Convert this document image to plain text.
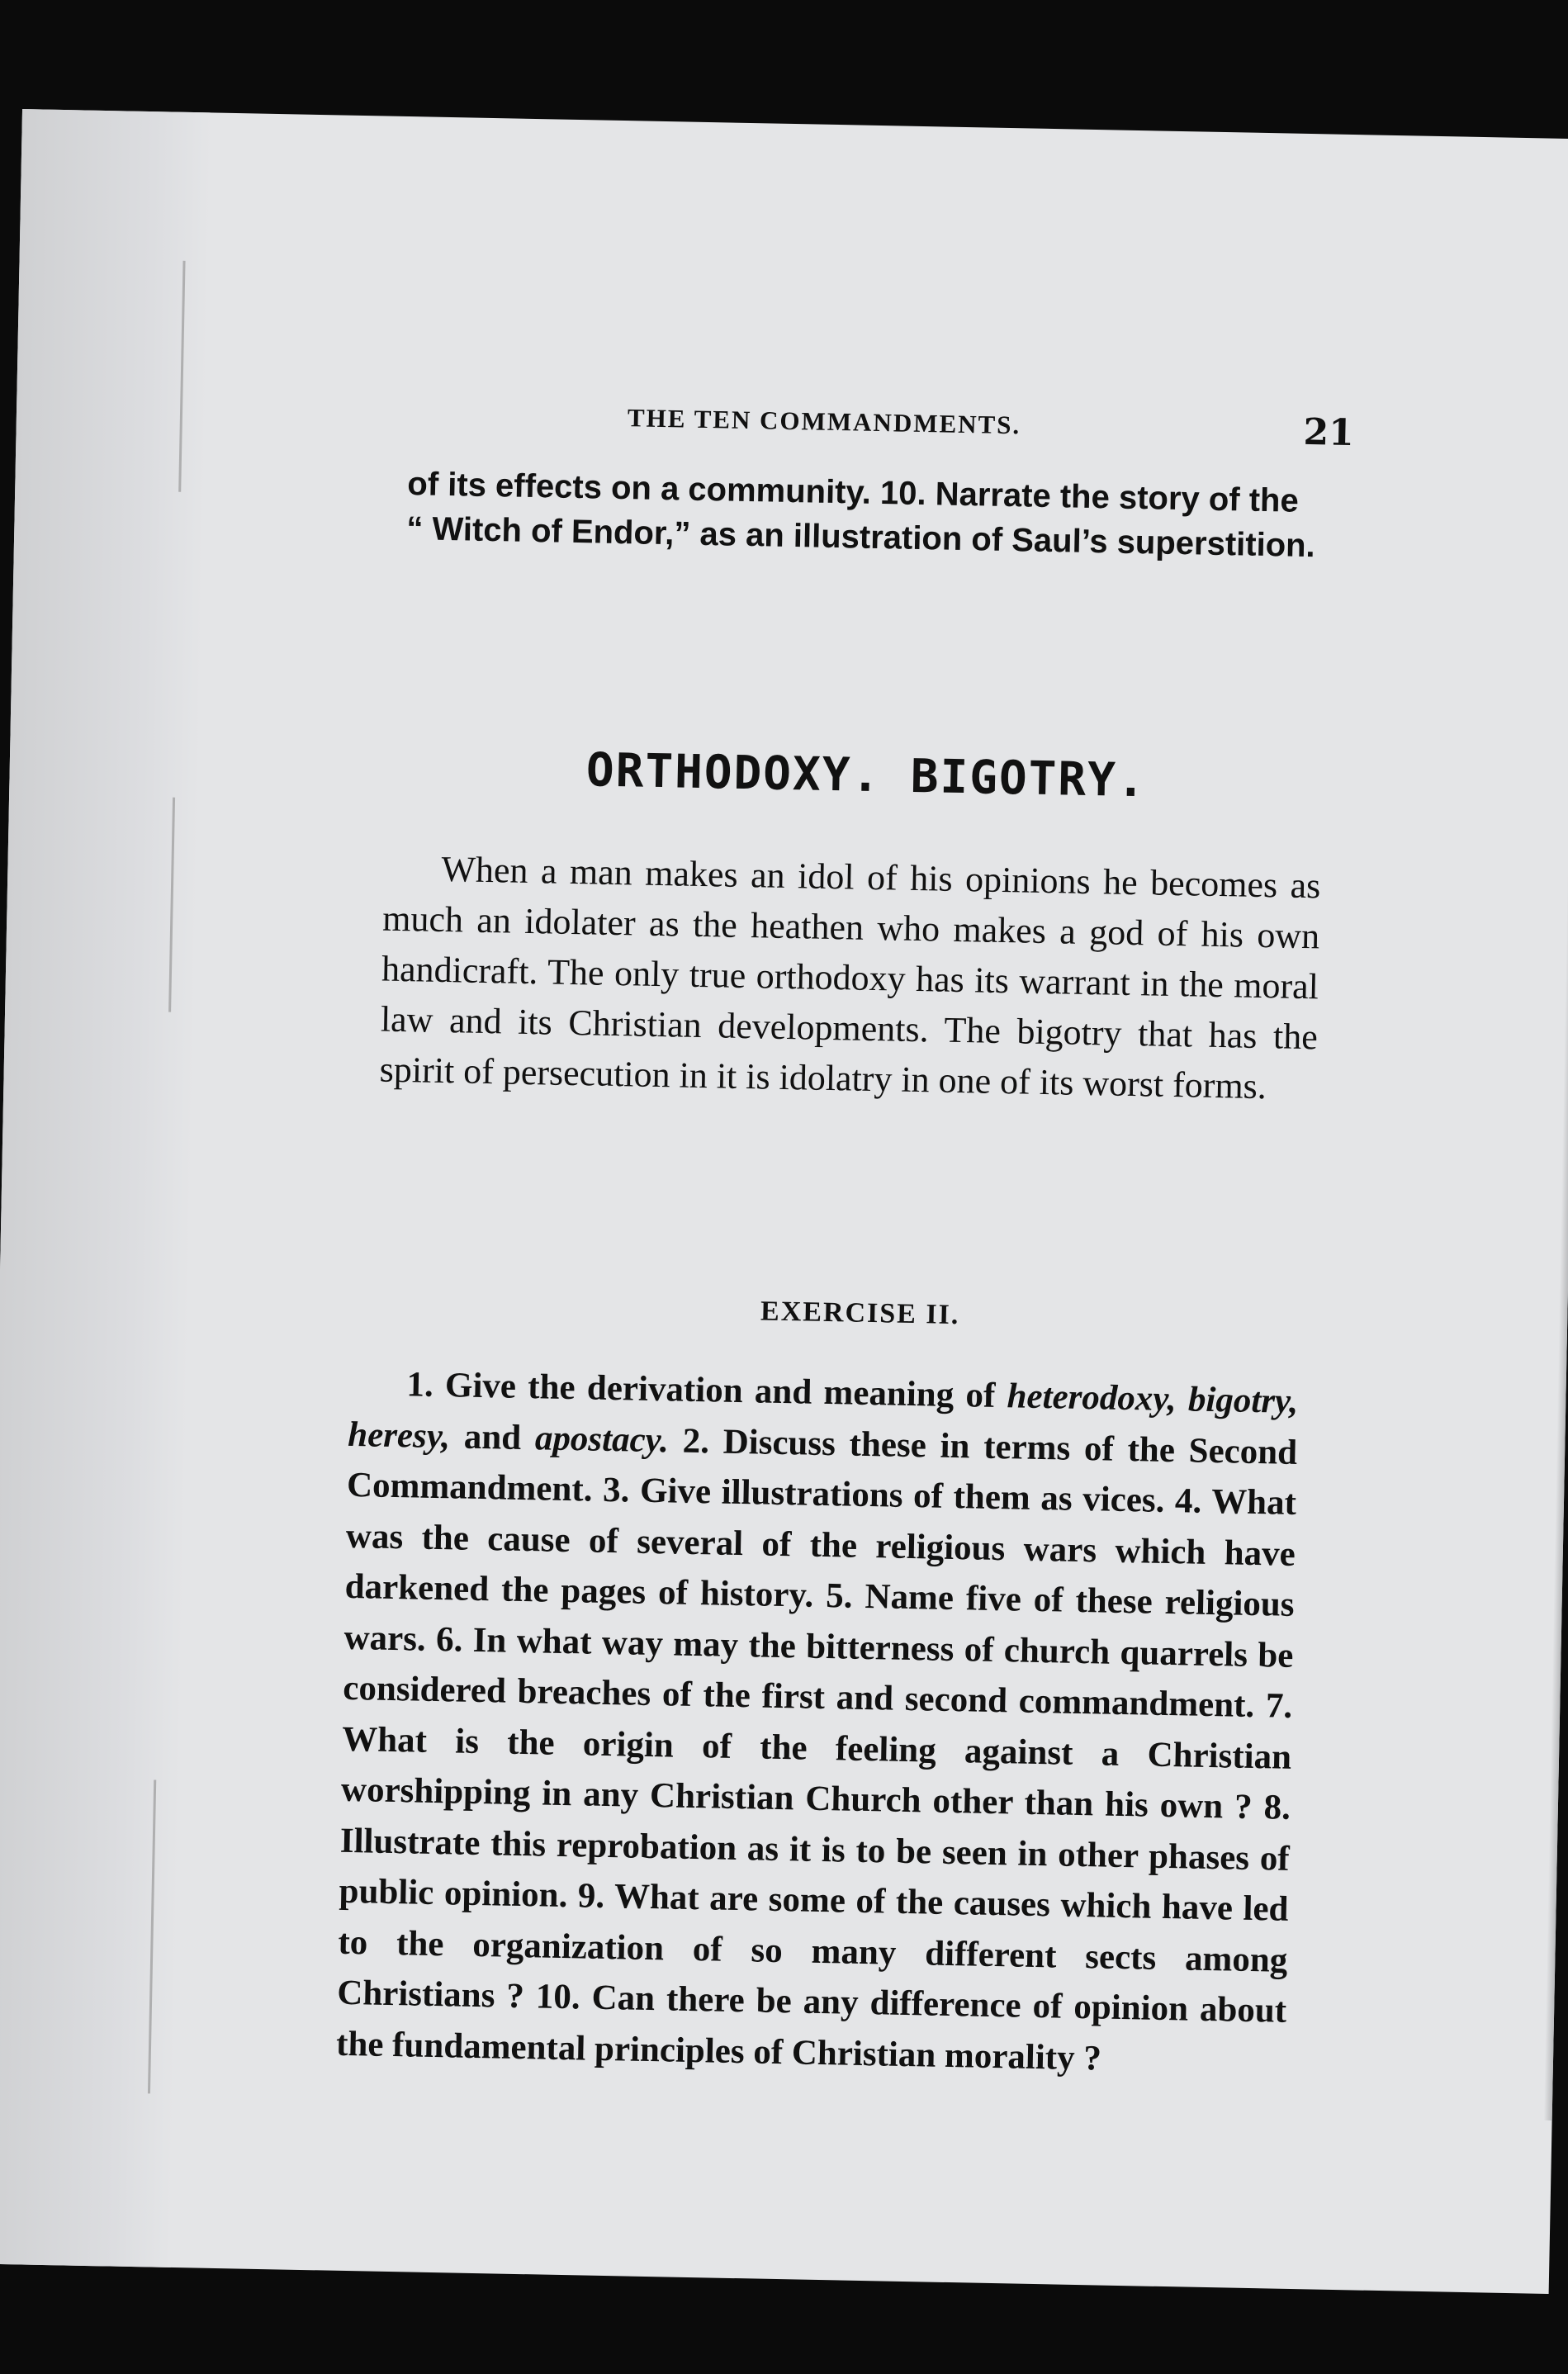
THE TEN COMMANDMENTS.	21

of its effects on a community. 10. Narrate the story of the

“ Witch of Endor,” as an illustration of Saul’s superstition.

ORTHODOXY. BIGOTRY.

When a man makes an idol of his opinions he becomes as much an idolater as the heathen who makes a god of his own handicraft. The only true orthodoxy has its warrant in the moral law and its Christian developments. The bigotry that has the spirit of persecution in it is idolatry in one of its worst forms.

EXERCISE II.

1. Give the derivation and meaning of heterodoxy, bigotry, heresy, and apostacy. 2. Discuss these in terms of the Second Commandment. 3. Give illustrations of them as vices. 4. What was the cause of several of the religious wars which have darkened the pages of history. 5. Name five of these religious wars. 6. In what way may the bitterness of church quarrels be considered breaches of the first and second commandment. 7. What is the origin of the feeling against a Christian worshipping in any Christian Church other than his own ? 8. Illustrate this reprobation as it is to be seen in other phases of public opinion. 9. What are some of the causes which have led to the organization of so many different sects among Christians ? 10. Can there be any difference of opinion about the fundamental principles of Christian morality ?
